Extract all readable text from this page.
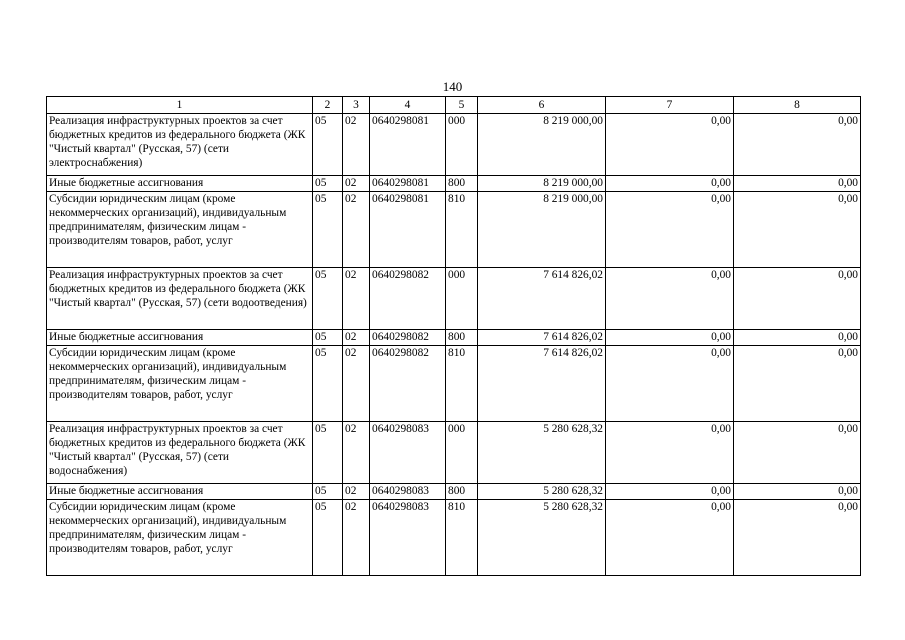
140
1	2	3	4	5	6	7	8
Реализация инфраструктурных проектов за счет бюджетных кредитов из федерального бюджета (ЖК "Чистый квартал" (Русская, 57) (сети электроснабжения)	05	02	0640298081	000	8 219 000,00	0,00	0,00
Иные бюджетные ассигнования	05	02	0640298081	800	8 219 000,00	0,00	0,00
Субсидии юридическим лицам (кроме некоммерческих организаций), индивидуальным предпринимателям, физическим лицам - производителям товаров, работ, услуг	05	02	0640298081	810	8 219 000,00	0,00	0,00
Реализация инфраструктурных проектов за счет бюджетных кредитов из федерального бюджета (ЖК "Чистый квартал" (Русская, 57) (сети водоотведения)	05	02	0640298082	000	7 614 826,02	0,00	0,00
Иные бюджетные ассигнования	05	02	0640298082	800	7 614 826,02	0,00	0,00
Субсидии юридическим лицам (кроме некоммерческих организаций), индивидуальным предпринимателям, физическим лицам - производителям товаров, работ, услуг	05	02	0640298082	810	7 614 826,02	0,00	0,00
Реализация инфраструктурных проектов за счет бюджетных кредитов из федерального бюджета (ЖК "Чистый квартал" (Русская, 57) (сети водоснабжения)	05	02	0640298083	000	5 280 628,32	0,00	0,00
Иные бюджетные ассигнования	05	02	0640298083	800	5 280 628,32	0,00	0,00
Субсидии юридическим лицам (кроме некоммерческих организаций), индивидуальным предпринимателям, физическим лицам - производителям товаров, работ, услуг	05	02	0640298083	810	5 280 628,32	0,00	0,00
